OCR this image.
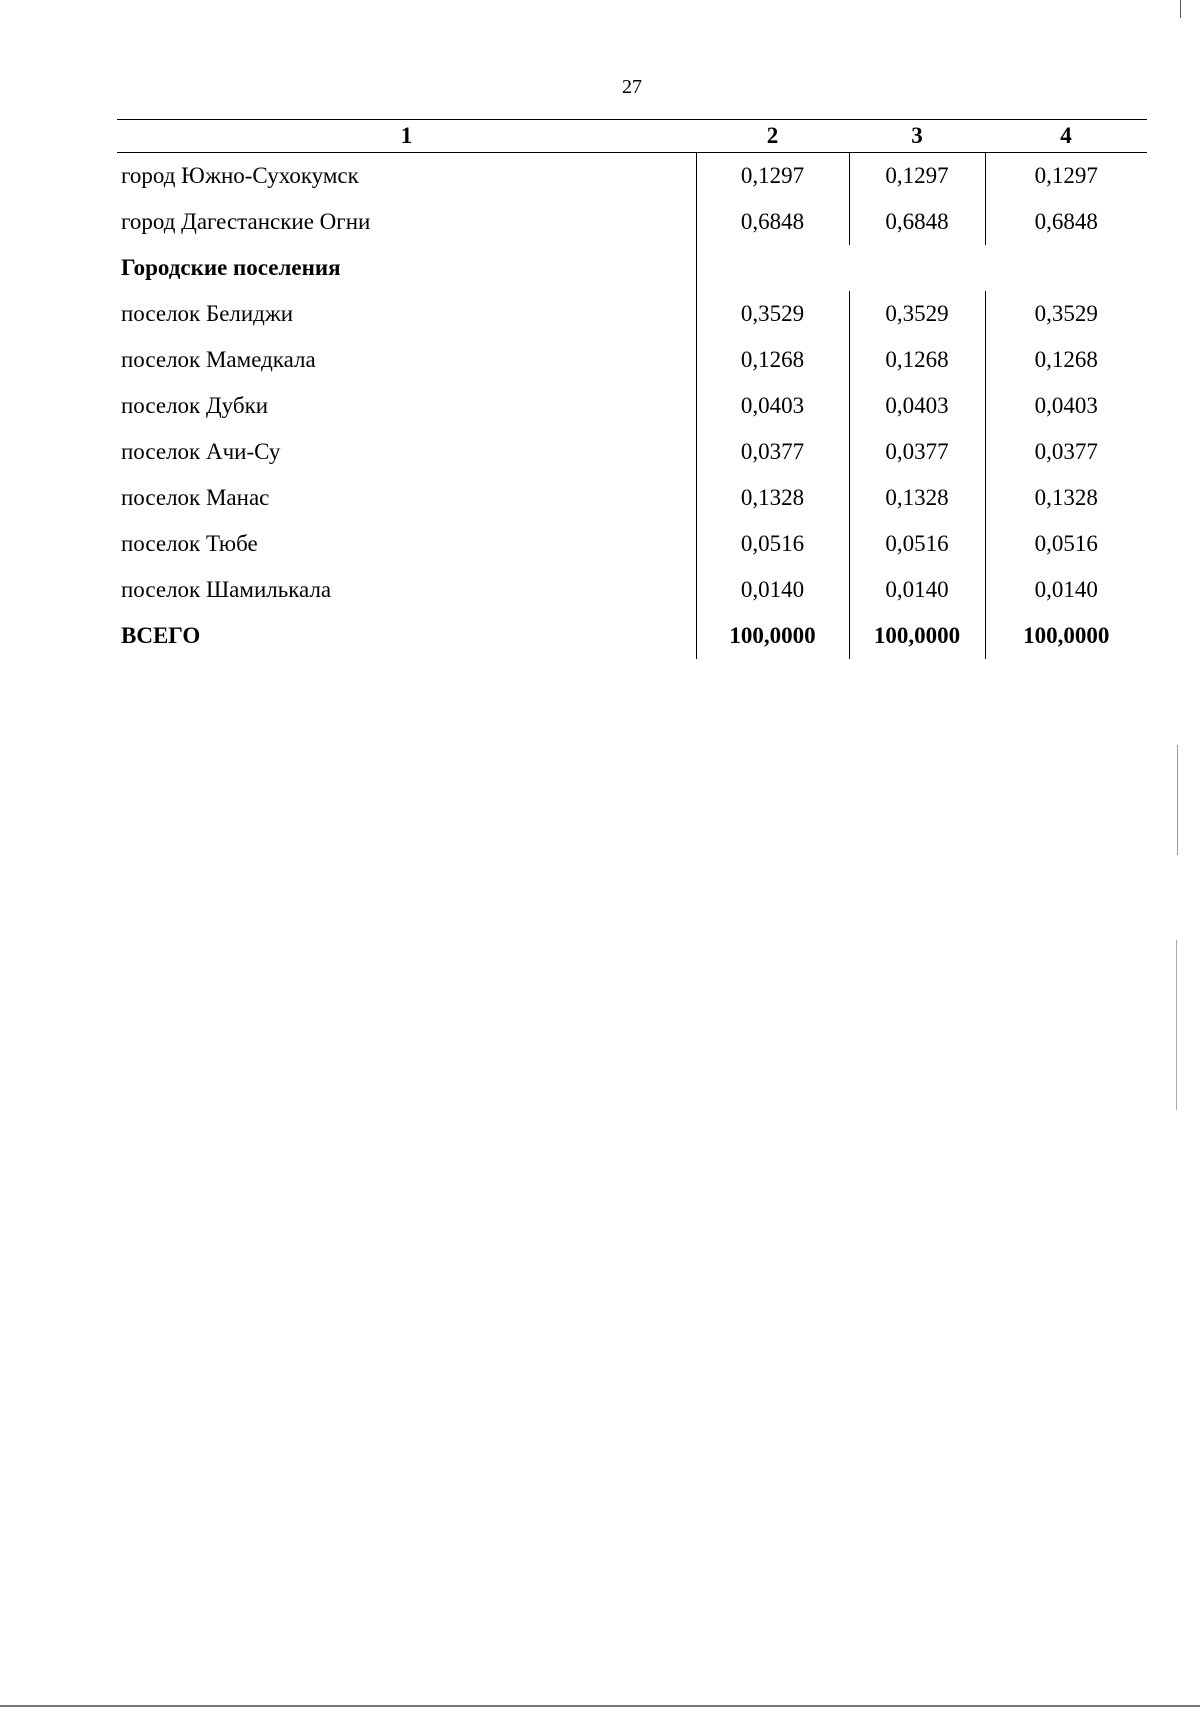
27
1	2	3	4
город Южно-Сухокумск	0,1297	0,1297	0,1297
город Дагестанские Огни	0,6848	0,6848	0,6848
Городские поселения			
поселок Белиджи	0,3529	0,3529	0,3529
поселок Мамедкала	0,1268	0,1268	0,1268
поселок Дубки	0,0403	0,0403	0,0403
поселок Ачи-Су	0,0377	0,0377	0,0377
поселок Манас	0,1328	0,1328	0,1328
поселок Тюбе	0,0516	0,0516	0,0516
поселок Шамилькала	0,0140	0,0140	0,0140
ВСЕГО	100,0000	100,0000	100,0000
